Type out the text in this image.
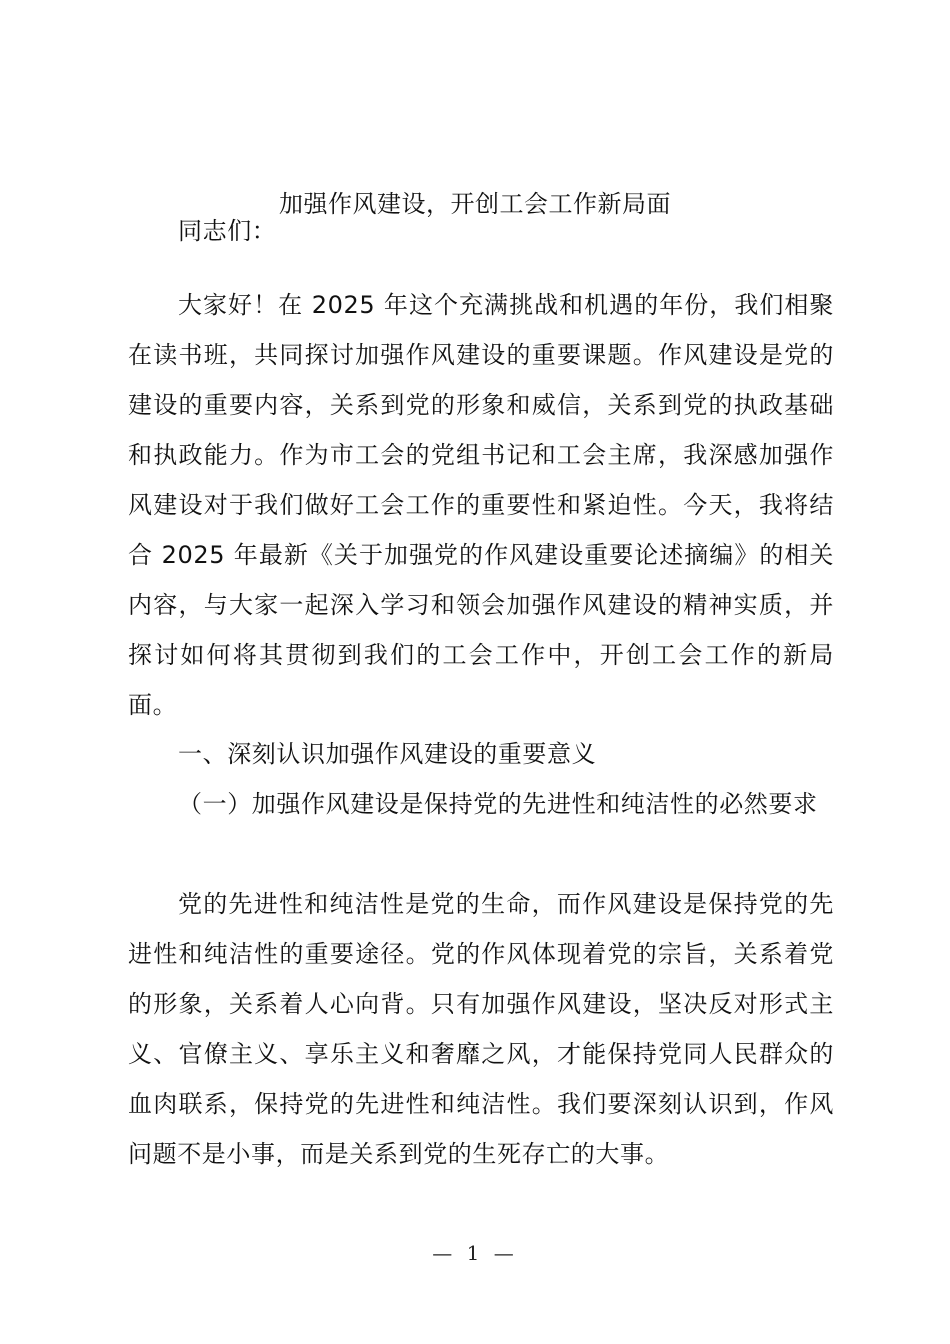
加强作风建设，开创工会工作新局面
同志们：
大家好！在 2025 年这个充满挑战和机遇的年份，我们相聚在读书班，共同探讨加强作风建设的重要课题。作风建设是党的建设的重要内容，关系到党的形象和威信，关系到党的执政基础和执政能力。作为市工会的党组书记和工会主席，我深感加强作风建设对于我们做好工会工作的重要性和紧迫性。今天，我将结合 2025 年最新《关于加强党的作风建设重要论述摘编》的相关内容，与大家一起深入学习和领会加强作风建设的精神实质，并探讨如何将其贯彻到我们的工会工作中，开创工会工作的新局面。
一、深刻认识加强作风建设的重要意义
（一）加强作风建设是保持党的先进性和纯洁性的必然要求
党的先进性和纯洁性是党的生命，而作风建设是保持党的先进性和纯洁性的重要途径。党的作风体现着党的宗旨，关系着党的形象，关系着人心向背。只有加强作风建设，坚决反对形式主义、官僚主义、享乐主义和奢靡之风，才能保持党同人民群众的血肉联系，保持党的先进性和纯洁性。我们要深刻认识到，作风问题不是小事，而是关系到党的生死存亡的大事。
— 1 —
